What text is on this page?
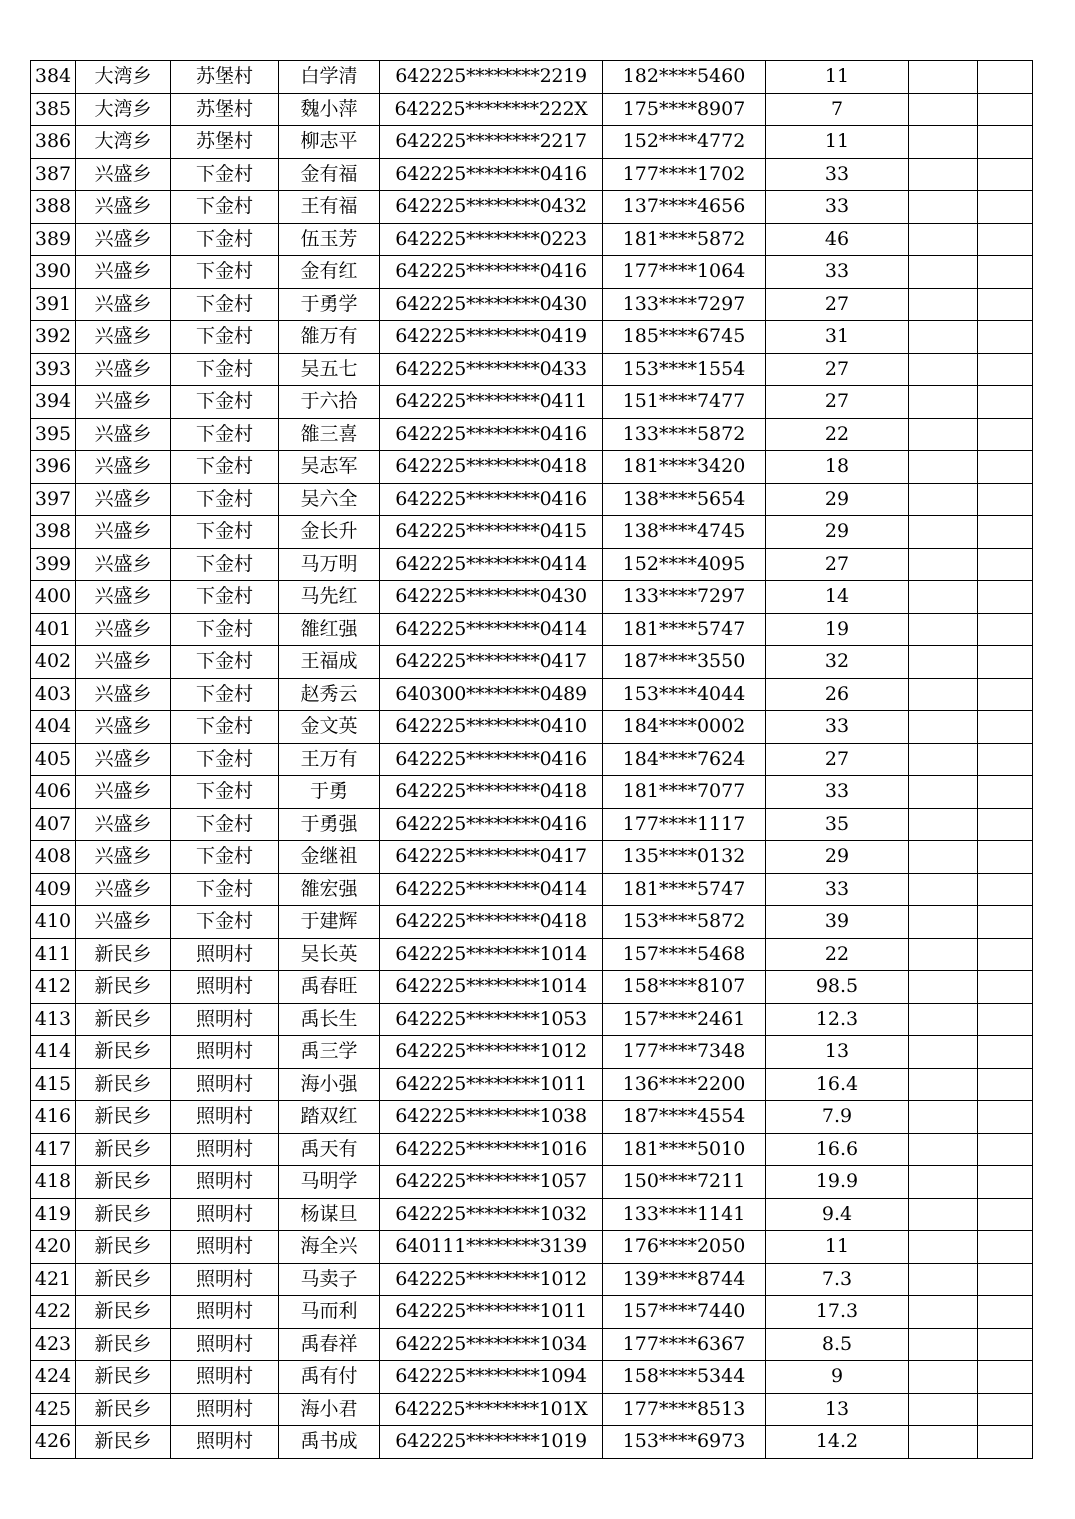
384	大湾乡	苏堡村	白学清	642225********2219	182****5460	11		
385	大湾乡	苏堡村	魏小萍	642225********222X	175****8907	7		
386	大湾乡	苏堡村	柳志平	642225********2217	152****4772	11		
387	兴盛乡	下金村	金有福	642225********0416	177****1702	33		
388	兴盛乡	下金村	王有福	642225********0432	137****4656	33		
389	兴盛乡	下金村	伍玉芳	642225********0223	181****5872	46		
390	兴盛乡	下金村	金有红	642225********0416	177****1064	33		
391	兴盛乡	下金村	于勇学	642225********0430	133****7297	27		
392	兴盛乡	下金村	雒万有	642225********0419	185****6745	31		
393	兴盛乡	下金村	吴五七	642225********0433	153****1554	27		
394	兴盛乡	下金村	于六拾	642225********0411	151****7477	27		
395	兴盛乡	下金村	雒三喜	642225********0416	133****5872	22		
396	兴盛乡	下金村	吴志军	642225********0418	181****3420	18		
397	兴盛乡	下金村	吴六全	642225********0416	138****5654	29		
398	兴盛乡	下金村	金长升	642225********0415	138****4745	29		
399	兴盛乡	下金村	马万明	642225********0414	152****4095	27		
400	兴盛乡	下金村	马先红	642225********0430	133****7297	14		
401	兴盛乡	下金村	雒红强	642225********0414	181****5747	19		
402	兴盛乡	下金村	王福成	642225********0417	187****3550	32		
403	兴盛乡	下金村	赵秀云	640300********0489	153****4044	26		
404	兴盛乡	下金村	金文英	642225********0410	184****0002	33		
405	兴盛乡	下金村	王万有	642225********0416	184****7624	27		
406	兴盛乡	下金村	于勇	642225********0418	181****7077	33		
407	兴盛乡	下金村	于勇强	642225********0416	177****1117	35		
408	兴盛乡	下金村	金继祖	642225********0417	135****0132	29		
409	兴盛乡	下金村	雒宏强	642225********0414	181****5747	33		
410	兴盛乡	下金村	于建辉	642225********0418	153****5872	39		
411	新民乡	照明村	吴长英	642225********1014	157****5468	22		
412	新民乡	照明村	禹春旺	642225********1014	158****8107	98.5		
413	新民乡	照明村	禹长生	642225********1053	157****2461	12.3		
414	新民乡	照明村	禹三学	642225********1012	177****7348	13		
415	新民乡	照明村	海小强	642225********1011	136****2200	16.4		
416	新民乡	照明村	踏双红	642225********1038	187****4554	7.9		
417	新民乡	照明村	禹天有	642225********1016	181****5010	16.6		
418	新民乡	照明村	马明学	642225********1057	150****7211	19.9		
419	新民乡	照明村	杨谋旦	642225********1032	133****1141	9.4		
420	新民乡	照明村	海全兴	640111********3139	176****2050	11		
421	新民乡	照明村	马卖子	642225********1012	139****8744	7.3		
422	新民乡	照明村	马而利	642225********1011	157****7440	17.3		
423	新民乡	照明村	禹春祥	642225********1034	177****6367	8.5		
424	新民乡	照明村	禹有付	642225********1094	158****5344	9		
425	新民乡	照明村	海小君	642225********101X	177****8513	13		
426	新民乡	照明村	禹书成	642225********1019	153****6973	14.2		
